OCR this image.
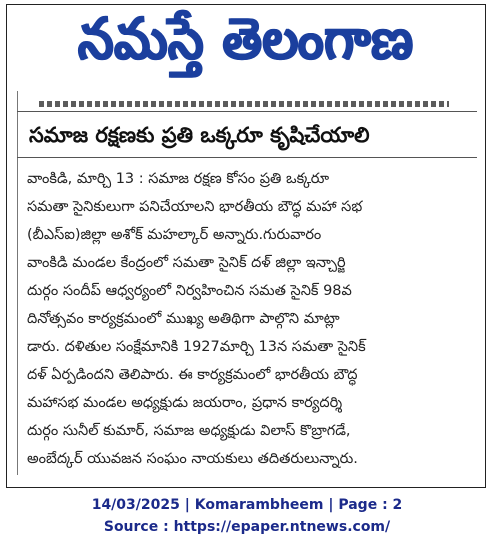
నమస్తే తెలంగాణ
సమాజ రక్షణకు ప్రతి ఒక్కరూ కృషిచేయాలి
వాంకిడి, మార్చి 13 : సమాజ రక్షణ కోసం ప్రతి ఒక్కరూ
సమతా సైనికులుగా పనిచేయాలని భారతీయ బౌద్ధ మహా సభ
(బీఎస్ఐ)జిల్లా అశోక్ మహల్కార్ అన్నారు.గురువారం
వాంకిడి మండల కేంద్రంలో సమతా సైనిక్ దళ్ జిల్లా ఇన్చార్జి
దుర్గం సందీప్ ఆధ్వర్యంలో నిర్వహించిన సమత సైనిక్ 98వ
దినోత్సవం కార్యక్రమంలో ముఖ్య అతిథిగా పాల్గొని మాట్లా
డారు. దళితుల సంక్షేమానికి 1927మార్చి 13న సమతా సైనిక్
దళ్ ఏర్పడిందని తెలిపారు. ఈ కార్యక్రమంలో భారతీయ బౌద్ధ
మహాసభ మండల అధ్యక్షుడు జయరాం, ప్రధాన కార్యదర్శి
దుర్గం సునీల్ కుమార్, సమాజ అధ్యక్షుడు విలాస్ కొబ్రాగడే,
అంబేద్కర్ యువజన సంఘం నాయకులు తదితరులున్నారు.
14/03/2025 | Komarambheem | Page : 2
Source : https://epaper.ntnews.com/
